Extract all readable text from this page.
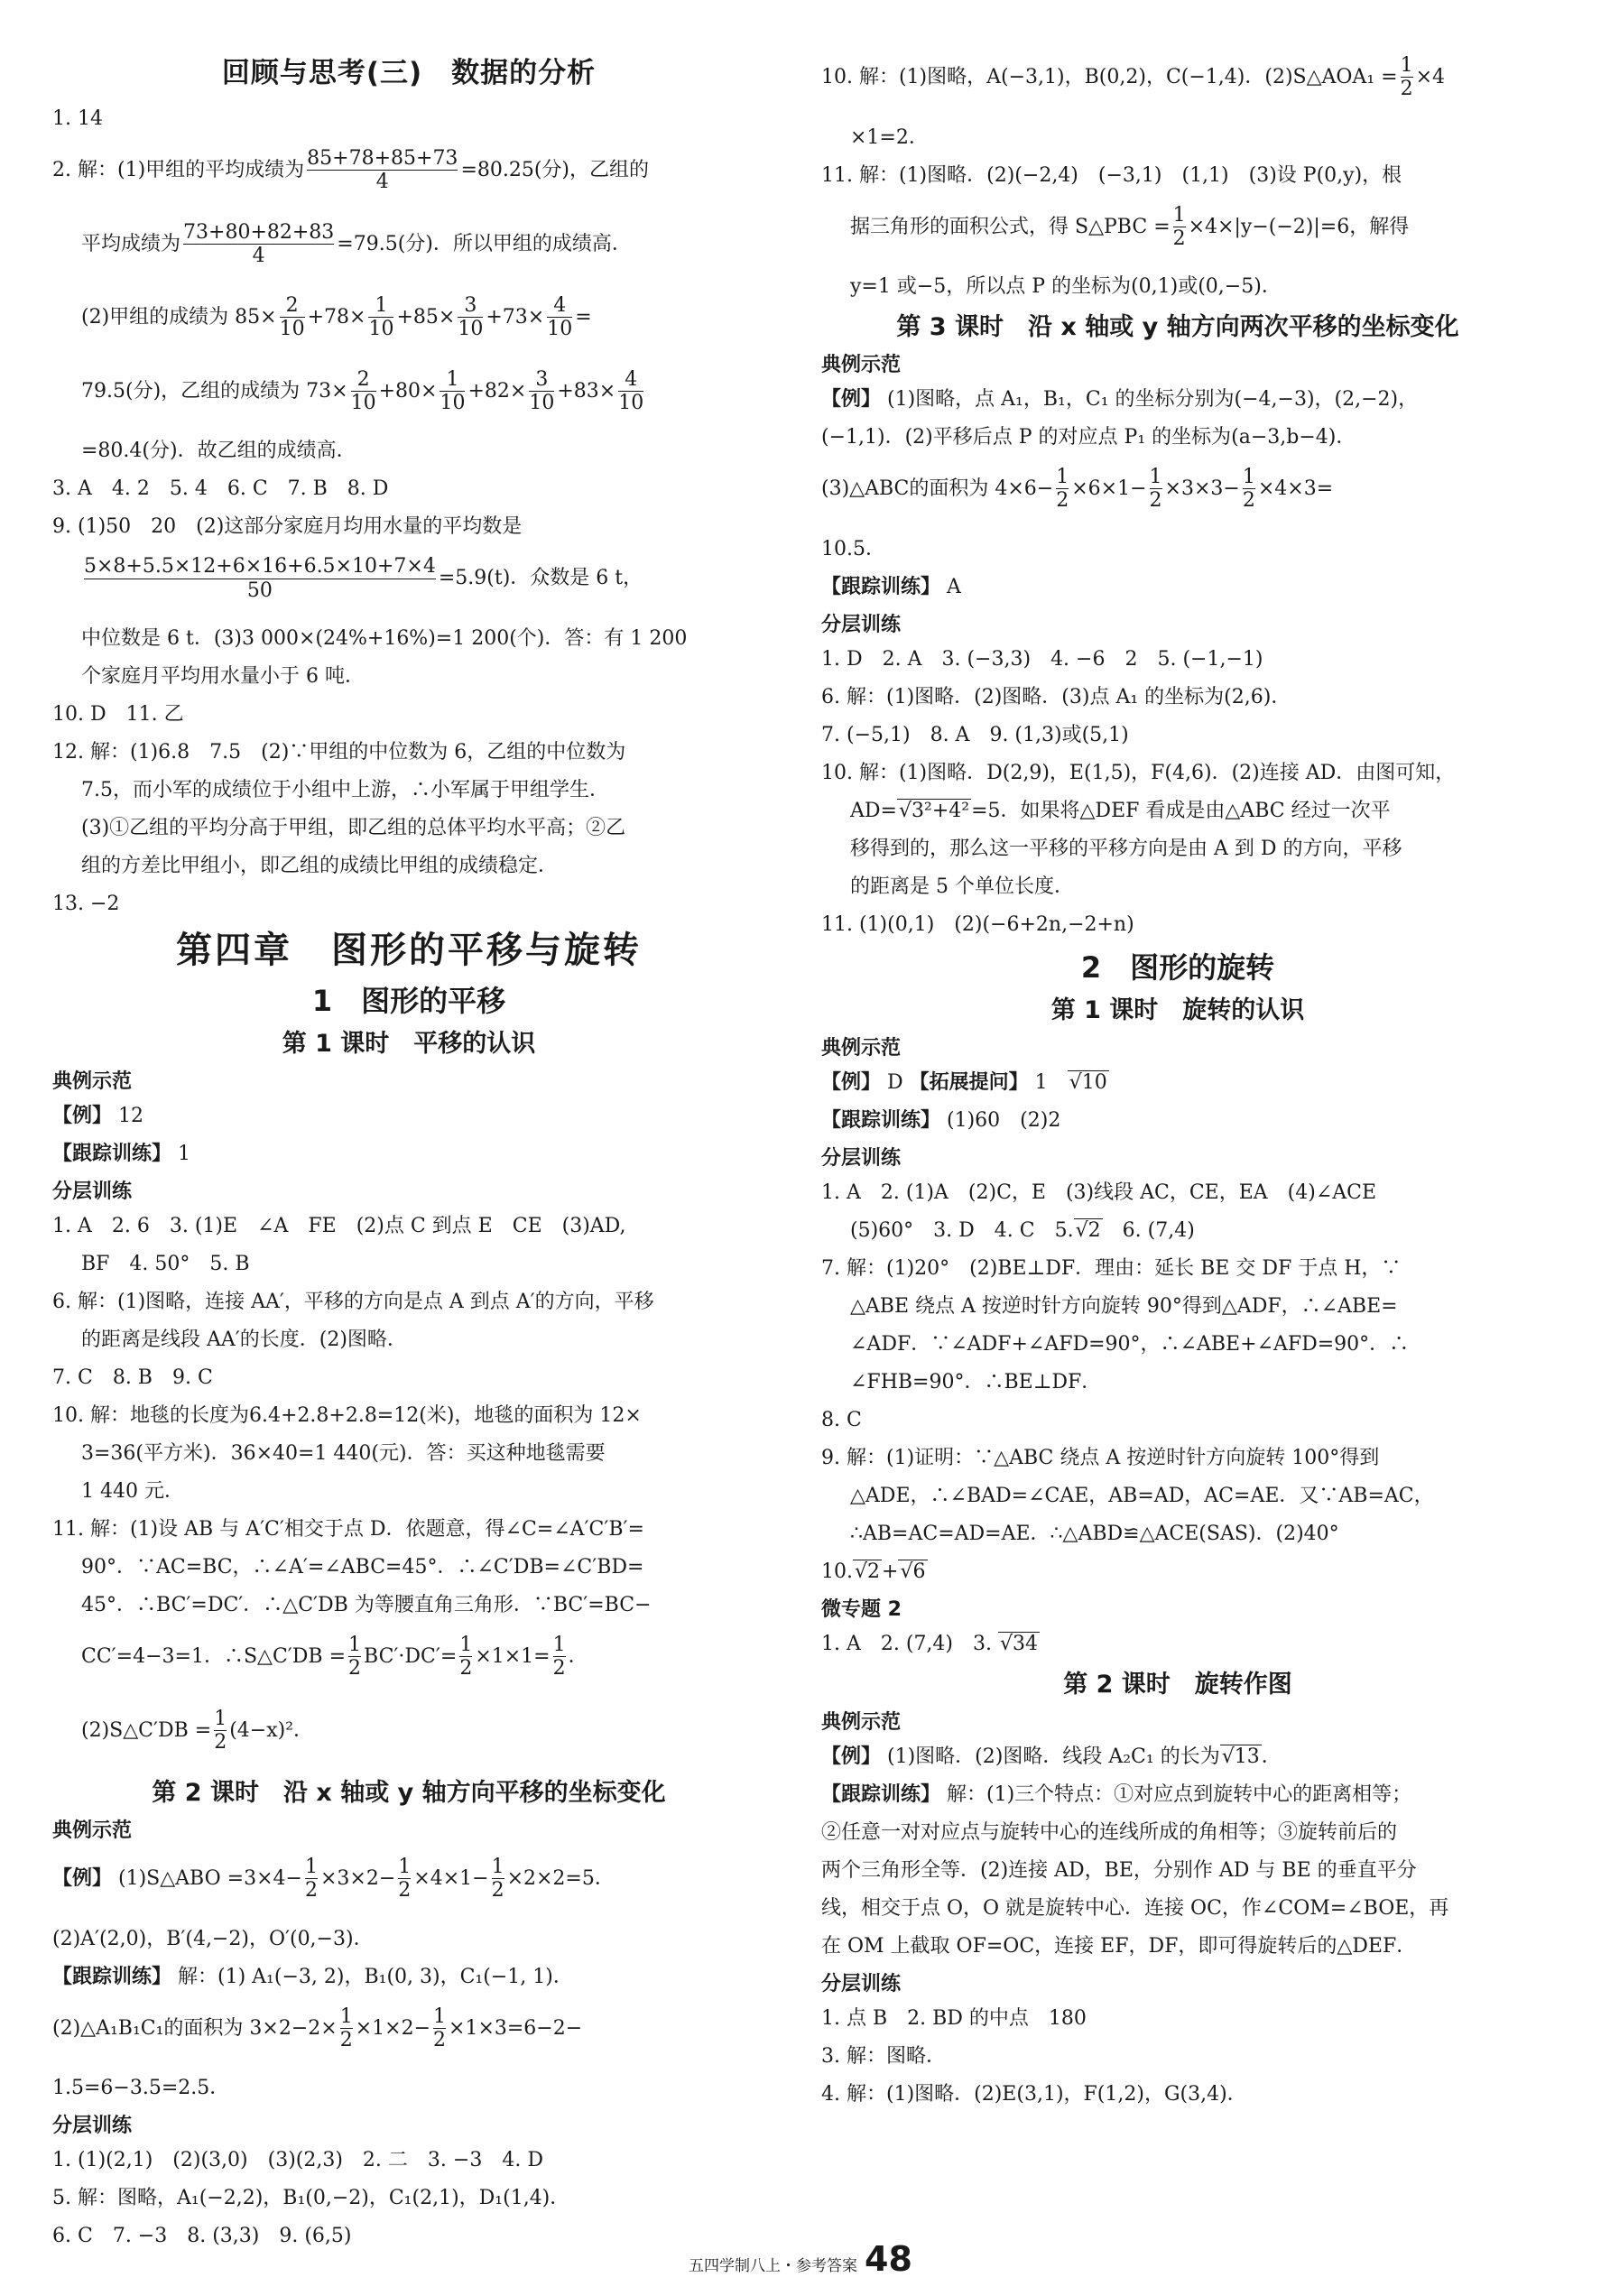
回顾与思考(三)　数据的分析
1. 14
2. 解：(1)甲组的平均成绩为 $\frac{85+78+85+73}{4} =80.25$(分)，乙组的
平均成绩为 $\frac{73+80+82+83}{4} =79.5$(分)．所以甲组的成绩高．
(2)甲组的成绩为 $85\times \frac{2}{10} +78\times \frac{1}{10} +85\times \frac{3}{10} +73\times \frac{4}{10}$ =
79.5(分)，乙组的成绩为 $73\times \frac{2}{10} +80\times \frac{1}{10} +82\times \frac{3}{10} +83\times \frac{4}{10}$
=80.4(分)．故乙组的成绩高．
3. A　4. 2　5. 4　6. C　7. B　8. D
9. (1)50　20　(2)这部分家庭月均用水量的平均数是
$\frac{5\times 8+5.5\times 12+6\times 16+6.5\times 10+7\times 4}{50} =5.9(t)$．众数是 6 t，
中位数是 6 t．(3)3 000×(24%+16%)=1 200(个)．答：有 1 200
个家庭月平均用水量小于 6 吨．
10. D　11. 乙
12. 解：(1)6.8　7.5　(2)∵甲组的中位数为 6，乙组的中位数为
7.5，而小军的成绩位于小组中上游，∴小军属于甲组学生．
(3)①乙组的平均分高于甲组，即乙组的总体平均水平高；②乙
组的方差比甲组小，即乙组的成绩比甲组的成绩稳定．
13. −2
第四章　图形的平移与旋转
1　图形的平移
第 1 课时　平移的认识
典例示范
【例】 12
【跟踪训练】 1
分层训练
1. A　2. 6　3. (1)E　∠A　FE　(2)点 C 到点 E　CE　(3)AD,
BF　4. 50°　5. B
6. 解：(1)图略，连接 AA′，平移的方向是点 A 到点 A′的方向，平移
的距离是线段 AA′的长度．(2)图略．
7. C　8. B　9. C
10. 解：地毯的长度为6.4+2.8+2.8=12(米)，地毯的面积为 12×
3=36(平方米)．36×40=1 440(元)．答：买这种地毯需要
1 440 元．
11. 解：(1)设 AB 与 A′C′相交于点 D．依题意，得∠C=∠A′C′B′=
90°．∵AC=BC，∴∠A′=∠ABC=45°．∴∠C′DB=∠C′BD=
45°．∴BC′=DC′．∴△C′DB 为等腰直角三角形．∵BC′=BC−
CC′=4−3=1．∴S△C′DB = $\frac{1}{2} BC'\cdot DC'= \frac{1}{2} \times 1\times 1= \frac{1}{2}$ ．
(2)S△C′DB = $\frac{1}{2} (4-x)^2$．
第 2 课时　沿 x 轴或 y 轴方向平移的坐标变化
典例示范
【例】 (1)S△ABO $=3\times 4- \frac{1}{2} \times 3\times 2- \frac{1}{2} \times 4\times 1- \frac{1}{2} \times 2\times 2=5$．
(2)A′(2,0)，B′(4,−2)，O′(0,−3)．
【跟踪训练】 解：(1) A₁(−3, 2)，B₁(0, 3)，C₁(−1, 1)．
(2)△A₁B₁C₁的面积为 $3\times 2-2\times \frac{1}{2} \times 1\times 2- \frac{1}{2} \times 1\times 3=6-2-$
1.5=6−3.5=2.5．
分层训练
1. (1)(2,1)　(2)(3,0)　(3)(2,3)　2. 二　3. −3　4. D
5. 解：图略，A₁(−2,2)，B₁(0,−2)，C₁(2,1)，D₁(1,4)．
6. C　7. −3　8. (3,3)　9. (6,5)
10. 解：(1)图略，A(−3,1)，B(0,2)，C(−1,4)．(2)S△AOA₁ = $\frac{1}{2} \times 4$
×1=2．
11. 解：(1)图略．(2)(−2,4)　(−3,1)　(1,1)　(3)设 P(0,y)，根
据三角形的面积公式，得 S△PBC = $\frac{1}{2} \times 4\times|y-(-2)|=6$，解得
y=1 或−5，所以点 P 的坐标为(0,1)或(0,−5)．
第 3 课时　沿 x 轴或 y 轴方向两次平移的坐标变化
典例示范
【例】 (1)图略，点 A₁，B₁，C₁ 的坐标分别为(−4,−3)，(2,−2)，
(−1,1)．(2)平移后点 P 的对应点 P₁ 的坐标为(a−3,b−4)．
(3)△ABC的面积为 $4\times 6- \frac{1}{2} \times 6\times 1- \frac{1}{2} \times 3\times 3- \frac{1}{2} \times 4\times 3=$
10.5．
【跟踪训练】 A
分层训练
1. D　2. A　3. (−3,3)　4. −6　2　5. (−1,−1)
6. 解：(1)图略．(2)图略．(3)点 A₁ 的坐标为(2,6)．
7. (−5,1)　8. A　9. (1,3)或(5,1)
10. 解：(1)图略．D(2,9)，E(1,5)，F(4,6)．(2)连接 AD．由图可知，
AD= √ 3²+4²=5．如果将△DEF 看成是由△ABC 经过一次平
移得到的，那么这一平移的平移方向是由 A 到 D 的方向，平移
的距离是 5 个单位长度．
11. (1)(0,1)　(2)(−6+2n,−2+n)
2　图形的旋转
第 1 课时　旋转的认识
典例示范
【例】 D 【拓展提问】 1　 √ 10
【跟踪训练】 (1)60　(2)2
分层训练
1. A　2. (1)A　(2)C，E　(3)线段 AC，CE，EA　(4)∠ACE
(5)60°　3. D　4. C　5. √ 2　 6. (7,4)
7. 解：(1)20°　(2)BE⊥DF．理由：延长 BE 交 DF 于点 H，∵
△ABE 绕点 A 按逆时针方向旋转 90°得到△ADF，∴∠ABE=
∠ADF．∵∠ADF+∠AFD=90°，∴∠ABE+∠AFD=90°．∴
∠FHB=90°．∴BE⊥DF．
8. C
9. 解：(1)证明：∵△ABC 绕点 A 按逆时针方向旋转 100°得到
△ADE，∴∠BAD=∠CAE，AB=AD，AC=AE．又∵AB=AC，
∴AB=AC=AD=AE．∴△ABD≌△ACE(SAS)．(2)40°
10. √ 2+ √ 6
微专题 2
1. A　2. (7,4)　3. √ 34
第 2 课时　旋转作图
典例示范
【例】 (1)图略．(2)图略．线段 A₂C₁ 的长为 √ 13．
【跟踪训练】 解：(1)三个特点：①对应点到旋转中心的距离相等；
②任意一对对应点与旋转中心的连线所成的角相等；③旋转前后的
两个三角形全等．(2)连接 AD，BE，分别作 AD 与 BE 的垂直平分
线，相交于点 O，O 就是旋转中心．连接 OC，作∠COM=∠BOE，再
在 OM 上截取 OF=OC，连接 EF，DF，即可得旋转后的△DEF．
分层训练
1. 点 B　2. BD 的中点　180
3. 解：图略．
4. 解：(1)图略．(2)E(3,1)，F(1,2)，G(3,4)．
五四学制八上・参考答案 48
